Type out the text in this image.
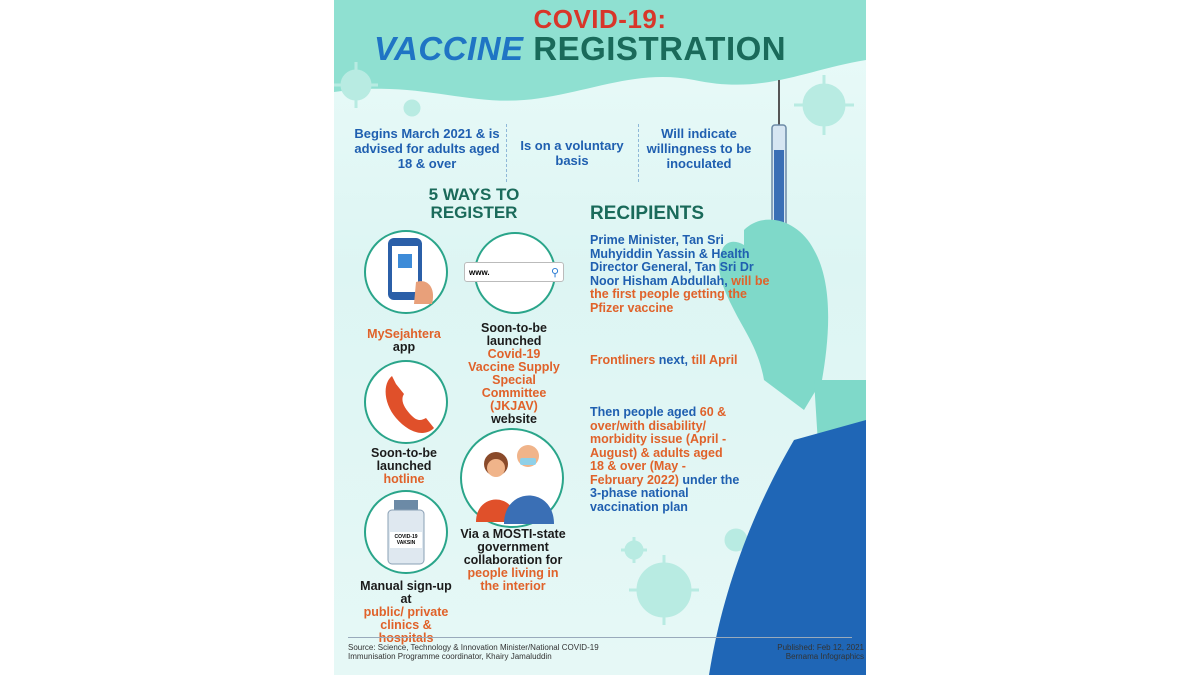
COVID-19:
VACCINE REGISTRATION
Begins March 2021 & is advised for adults aged 18 & over
Is on a voluntary basis
Will indicate willingness to be inoculated
5 WAYS TO REGISTER	RECIPIENTS
MySejahtera
app
www.	⚲
Soon-to-be launched
Covid-19 Vaccine Supply Special Committee (JKJAV)
website
Soon-to-be launched
hotline
Via a MOSTI-state government collaboration for
people living in the interior
COVID-19 VAKSIN
Manual sign-up at
public/ private clinics & hospitals
Prime Minister, Tan Sri Muhyiddin Yassin & Health Director General, Tan Sri Dr Noor Hisham Abdullah, will be the first people getting the Pfizer vaccine
Frontliners next, till April
Then people aged 60 & over/with disability/ morbidity issue (April - August) & adults aged 18 & over (May - February 2022) under the 3-phase national vaccination plan
Source: Science, Technology & Innovation Minister/National COVID-19 Immunisation Programme coordinator, Khairy Jamaluddin
Published: Feb 12, 2021
Bernama Infographics
